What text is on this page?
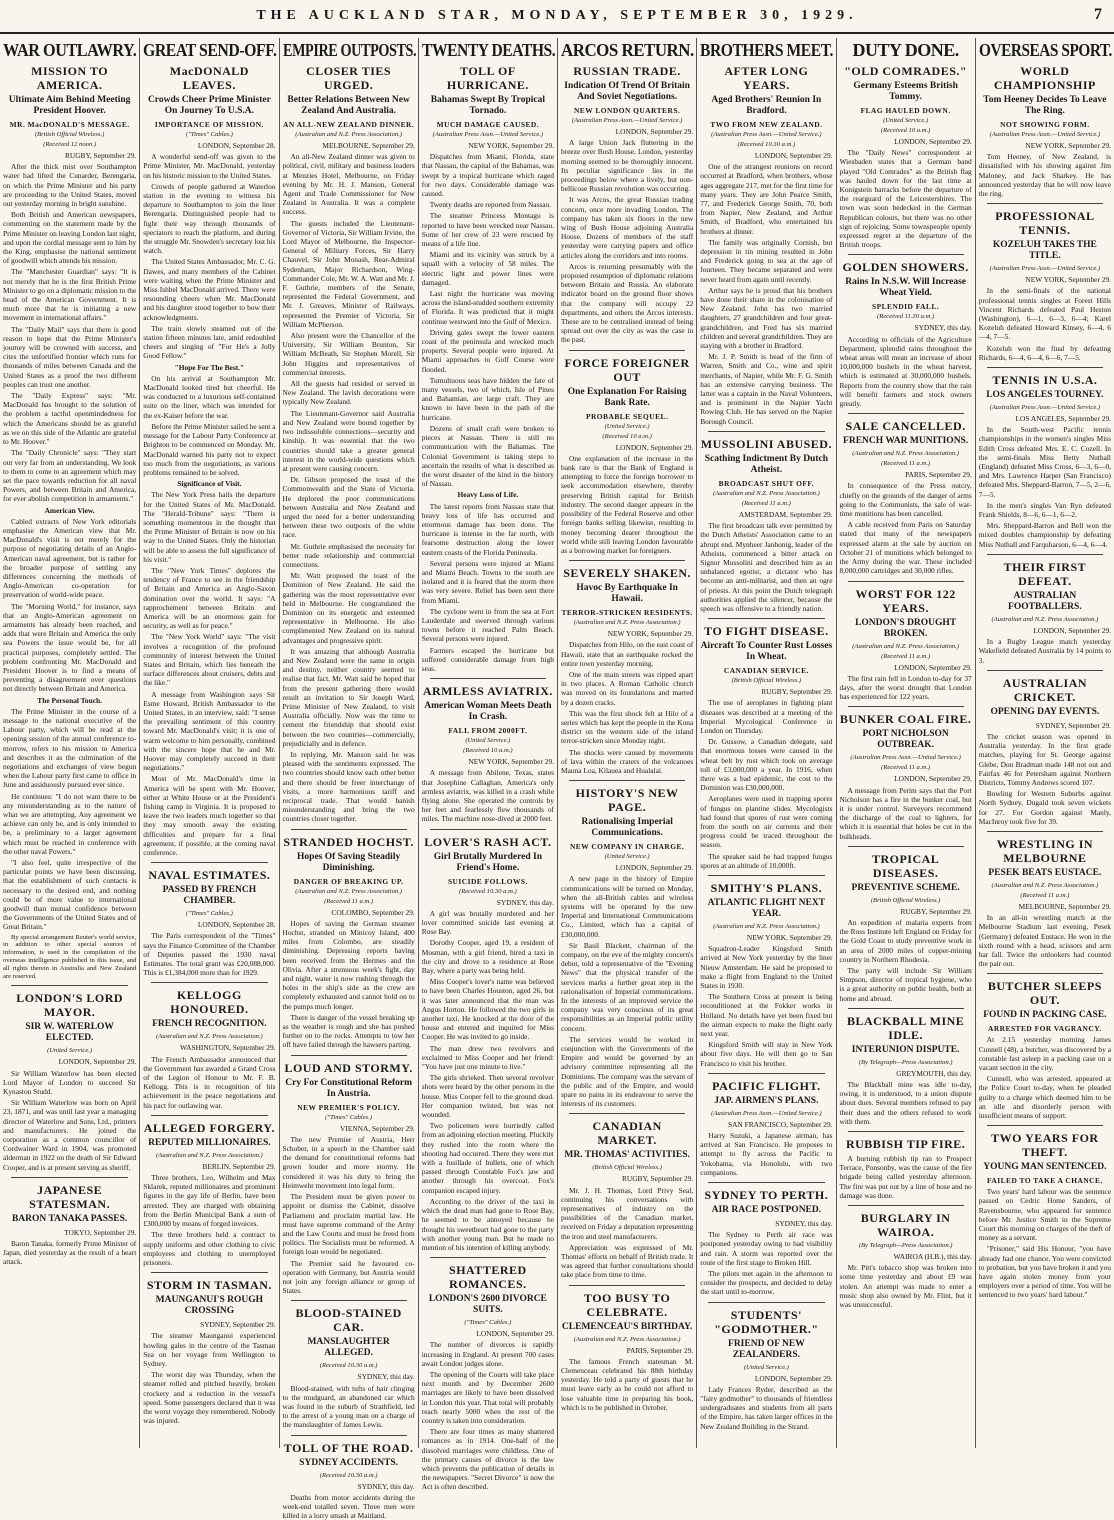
THE AUCKLAND STAR, MONDAY, SEPTEMBER 30, 1929.	7
WAR OUTLAWRY.
MISSION TO AMERICA.
Ultimate Aim Behind Meeting President Hoover.
MR. MacDONALD'S MESSAGE.
(British Official Wireless.)
(Received 12 noon.)

RUGBY, September 29.

After the thick mist over Southampton water had lifted the Cunarder, Berengaria, on which the Prime Minister and his party are proceeding to the United States, moved out yesterday morning in bright sunshine.

Both British and American newspapers, commenting on the statement made by the Prime Minister on leaving London last night, and upon the cordial message sent to him by the King, emphasise the national sentiment of goodwill which attends his mission.

The "Manchester Guardian" says: "It is not merely that he is the first British Prime Minister to go on a diplomatic mission to the head of the American Government. It is much more that he is initiating a new movement in international affairs."

The "Daily Mail" says that there is good reason to hope that the Prime Minister's journey will be crowned with success, and cites the unfortified frontier which runs for thousands of miles between Canada and the United States as a proof the two different peoples can trust one another.

The "Daily Express" says: "Mr. MacDonald has brought to the solution of the problem a tactful openmindedness for which the Americans should be as grateful as we on this side of the Atlantic are grateful to Mr. Hoover."

The "Daily Chronicle" says: "They start out very far from an understanding. We look to them to come to an agreement which may set the pace towards reduction for all naval Powers, and between Britain and America, for ever abolish competition in armaments."

American View.

Cabled extracts of New York editorials emphasise the American view that Mr. MacDonald's visit is not merely for the purpose of negotiating details of an Anglo-American naval agreement, but is rather for the broader purpose of settling any differences concerning the methods of Anglo-American co-operation for preservation of world-wide peace.

The "Morning World," for instance, says that an Anglo-American agreement on armaments has already been reached, and adds that were Britain and America the only sea Powers the issue would be, for all practical purposes, completely settled. The problem confronting Mr. MacDonald and President Hoover is to find a means of preventing a disagreement over questions not directly between Britain and America.

The Personal Touch.

The Prime Minister in the course of a message to the national executive of the Labour party, which will be read at the opening session of the annual conference to-morrow, refers to his mission to America and describes it as the culmination of the negotiations and exchanges of view begun when the Labour party first came to office in June and assiduously pursued ever since.

He continues: "I do not want there to be any misunderstanding as to the nature of what we are attempting. Any agreement we achieve can only be, and is only intended to be, a preliminary to a larger agreement which must be reached in conference with the other naval Powers."

"I also feel, quite irrespective of the particular points we have been discussing, that the establishment of such contacts is necessary to the desired end, and nothing could be of more value to international goodwill than mutual confidence between the Governments of the United States and of Great Britain."

By special arrangement Reuter's world service, in addition to other special sources of information, is used in the compilation of the overseas intelligence published in this issue, and all rights therein in Australia and New Zealand are reserved.

LONDON'S LORD MAYOR.
SIR W. WATERLOW ELECTED.
(United Service.)

LONDON, September 29.

Sir William Waterlow has been elected Lord Mayor of London to succeed Sir Kynaston Studd.

Sir William Waterlow was born on April 23, 1871, and was until last year a managing director of Waterlow and Sons, Ltd., printers and manufacturers. He joined the corporation as a common councillor of Cordwainer Ward in 1904, was promoted alderman in 1922 on the death of Sir Edward Cooper, and is at present serving as sheriff.

JAPANESE STATESMAN.
BARON TANAKA PASSES.

TOKYO, September 29.

Baron Tanaka, formerly Prime Minister of Japan, died yesterday as the result of a heart attack.

GREAT SEND-OFF.
MacDONALD LEAVES.
Crowds Cheer Prime Minister On Journey To U.S.A.
IMPORTANCE OF MISSION.
("Times" Cables.)

LONDON, September 28.

A wonderful send-off was given to the Prime Minister, Mr. MacDonald, yesterday on his historic mission to the United States.

Crowds of people gathered at Waterloo station in the evening to witness his departure to Southampton to join the liner Berengaria. Distinguished people had to fight their way through thousands of spectators to reach the platform, and during the struggle Mr. Snowden's secretary lost his watch.

The United States Ambassador, Mr. C. G. Dawes, and many members of the Cabinet were waiting when the Prime Minister and Miss Ishbel MacDonald arrived. There were resounding cheers when Mr. MacDonald and his daughter stood together to bow their acknowledgments.

The train slowly steamed out of the station fifteen minutes late, amid redoubled cheers and singing of "For He's a Jolly Good Fellow."

"Hope For The Best."

On his arrival at Southampton Mr. MacDonald looked tired but cheerful. He was conducted to a luxurious self-contained suite on the liner, which was intended for the ex-Kaiser before the war.

Before the Prime Minister sailed he sent a message for the Labour Party Conference at Brighton to be commenced on Monday. Mr. MacDonald warned his party not to expect too much from the negotiations, as various problems remained to be solved.

Significance of Visit.

The New York Press hails the departure for the United States of Mr. MacDonald. The "Herald-Tribune" says: "There is something momentous in the thought that the Prime Minister of Britain is now on his way to the United States. Only the historian will be able to assess the full significance of his visit."

The "New York Times" deplores the tendency of France to see in the friendship of Britain and America an Anglo-Saxon domination over the world. It says: "A rapprochement between Britain and America will be an enormous gain for security, as well as for peace."

The "New York World" says: "The visit involves a recognition of the profound community of interest between the United States and Britain, which lies beneath the surface differences about cruisers, debts and the like."

A message from Washington says Sir Esme Howard, British Ambassador to the United States, in an interview, said: "I sense the prevailing sentiment of this country toward Mr. MacDonald's visit; it is one of warm welcome to him personally, combined with the sincere hope that he and Mr. Hoover may completely succeed in their negotiations."

Most of Mr. MacDonald's time in America will be spent with Mr. Hoover, either at White House or at the President's fishing camp in Virginia. It is proposed to leave the two leaders much together so that they may smooth away the existing difficulties and prepare for a final agreement, if possible, at the coming naval conference.

NAVAL ESTIMATES.
PASSED BY FRENCH CHAMBER.
("Times" Cables.)

LONDON, September 28.

The Paris correspondent of the "Times" says the Finance Committee of the Chamber of Deputies passed the 1930 naval Estimates. The total grant was £20,088,000. This is £1,384,000 more than for 1929.

KELLOGG HONOURED.
FRENCH RECOGNITION.
(Australian and N.Z. Press Association.)

WASHINGTON, September 29.

The French Ambassador announced that the Government has awarded a Grand Cross of the Legion of Honour to Mr. F. B. Kellogg. This is in recognition of his achievement in the peace negotiations and his pact for outlawing war.

ALLEGED FORGERY.
REPUTED MILLIONAIRES.
(Australian and N.Z. Press Association.)

BERLIN, September 29.

Three brothers, Leo, Wilhelm and Max Sklarek, reputed millionaires and prominent figures in the gay life of Berlin, have been arrested. They are charged with obtaining from the Berlin Municipal Bank a sum of £300,000 by means of forged invoices.

The three brothers held a contract to supply uniforms and other clothing to civic employees and clothing to unemployed prisoners.

STORM IN TASMAN.
MAUNGANUI'S ROUGH CROSSING

SYDNEY, September 29.

The steamer Maunganui experienced howling gales in the centre of the Tasman Sea on her voyage from Wellington to Sydney.

The worst day was Thursday, when the steamer rolled and pitched heavily, broken crockery and a reduction in the vessel's speed. Some passengers declared that it was the worst voyage they remembered. Nobody was injured.

EMPIRE OUTPOSTS.
CLOSER TIES URGED.
Better Relations Between New Zealand And Australia.
AN ALL-NEW ZEALAND DINNER.
(Australian and N.Z. Press Association.)

MELBOURNE, September 29.

An all-New Zealand dinner was given to political, civil, military and business leaders at Menzies Hotel, Melbourne, on Friday evening by Mr. H. J. Manson, General Agent and Trade Commissioner for New Zealand in Australia. It was a complete success.

The guests included the Lieutenant-Governor of Victoria, Sir William Irvine, the Lord Mayor of Melbourne, the Inspector-General of Military Forces, Sir Harry Chauvel, Sir John Monash, Rear-Admiral Sydenham, Major Richardson, Wing-Commander Cole, Mr. W. A. Watt and Mr. J. F. Guthrie, members of the Senate, represented the Federal Government, and Mr. J. Greaves, Minister of Railways, represented the Premier of Victoria, Sir William McPherson.

Also present were the Chancellor of the University, Sir William Brunton, Sir William McBeath, Sir Stephen Morell, Sir John Higgins and representatives of commercial interests.

All the guests had resided or served in New Zealand. The lavish decorations were typically New Zealand.

The Lieutenant-Governor said Australia and New Zealand were bound together by two indissoluble connections—security and kinship. It was essential that the two countries should take a greater general interest in the world-wide questions which at present were causing concern.

Dr. Gibson proposed the toast of the Commonwealth and the State of Victoria. He deplored the poor communications between Australia and New Zealand and urged the need for a better understanding between these two outposts of the white race.

Mr. Guthrie emphasised the necessity for better trade relationship and commercial connections.

Mr. Watt proposed the toast of the Dominion of New Zealand. He said the gathering was the most representative ever held in Melbourne. He congratulated the Dominion on its energetic and esteemed representative in Melbourne. He also complimented New Zealand on its natural advantages and progressive spirit.

It was amazing that although Australia and New Zealand were the same in origin and destiny, neither country seemed to realise that fact. Mr. Watt said he hoped that from the present gathering there would result an invitation to Sir Joseph Ward, Prime Minister of New Zealand, to visit Australia officially. Now was the time to cement the friendship that should exist between the two countries—commercially, prejudicially and in defence.

In replying, Mr. Manson said he was pleased with the sentiments expressed. The two countries should know each other better and there should be freer interchange of visits, a more harmonious tariff and reciprocal trade. That would banish misunderstanding and bring the two countries closer together.

STRANDED HOCHST.
Hopes Of Saving Steadily Diminishing.
DANGER OF BREAKING UP.
(Australian and N.Z. Press Association.)
(Received 11 a.m.)

COLOMBO, September 29.

Hopes of saving the German steamer Hochst, stranded on Minicoy Island, 400 miles from Colombo, are steadily diminishing. Depressing reports having been received from the Hermes and the Olivia. After a strenuous week's fight, day and night, water is now rushing through the holes in the ship's side as the crew are completely exhausted and cannot hold on to the pumps much longer.

There is danger of the vessel breaking up as the weather is rough and she has pushed further on to the rocks. Attempts to tow her off have failed through the hawsers parting.

LOUD AND STORMY.
Cry For Constitutional Reform In Austria.
NEW PREMIER'S POLICY.
("Times" Cables.)

VIENNA, September 29.

The new Premier of Austria, Herr Schober, in a speech in the Chamber said the demand for constitutional reforms had grown louder and more stormy. He considered it was his duty to bring the Heimwehr movement into legal form.

The President must be given power to appoint or dismiss the Cabinet, dissolve Parliament and proclaim martial law. He must have supreme command of the Army and the Law Courts and must be freed from politics. The Socialists must be reformed. A foreign loan would be negotiated.

The Premier said he favoured co-operation with Germany, but Austria would not join any foreign alliance or group of States.

BLOOD-STAINED CAR.
MANSLAUGHTER ALLEGED.
(Received 10.30 a.m.)

SYDNEY, this day.

Blood-stained, with tufts of hair clinging to the mudguard, an abandoned car which was found in the suburb of Strathfield, led to the arrest of a young man on a charge of the manslaughter of James Lewis.

TOLL OF THE ROAD.
SYDNEY ACCIDENTS.
(Received 10.30 a.m.)

SYDNEY, this day.

Deaths from motor accidents during the week-end totalled seven. Three men were killed in a lorry smash at Maitland.

TWENTY DEATHS.
TOLL OF HURRICANE.
Bahamas Swept By Tropical Tornado.
MUCH DAMAGE CAUSED.
(Australian Press Assn.—United Service.)

NEW YORK, September 29.

Dispatches from Miami, Florida, state that Nassau, the capital of the Bahamas, was swept by a tropical hurricane which raged for two days. Considerable damage was caused.

Twenty deaths are reported from Nassau.

The steamer Princess Montagu is reported to have been wrecked near Nassau. Some of her crew of 23 were rescued by means of a life line.

Miami and its vicinity was struck by a squall with a velocity of 58 miles. The electric light and power lines were damaged.

Last night the hurricane was moving across the island-studded southern extremity of Florida. It was predicted that it might continue westward into the Gulf of Mexico.

Driving gales swept the lower eastern coast of the peninsula and wrecked much property. Several people were injured. At Miami approaches to Golf Course were flooded.

Tumultuous seas have hidden the fate of many vessels, two of which, Isle of Pines and Bahamian, are large craft. They are known to have been in the path of the hurricane.

Dozens of small craft were broken to pieces at Nassau. There is still no communication with the Bahamas. The Colonial Government is taking steps to ascertain the results of what is described as the worst disaster of the kind in the history of Nassau.

Heavy Loss of Life.

The latest reports from Nassau state that heavy loss of life has occurred and enormous damage has been done. The hurricane is intense in the far north, with fearsome destruction along the lower eastern coasts of the Florida Peninsula.

Several persons were injured at Miami and Miami Beach. Towns to the south are isolated and it is feared that the storm there was very severe. Relief has been sent there from Miami.

The cyclone went in from the sea at Fort Lauderdale and swerved through various towns before it reached Palm Beach. Several persons were injured.

Farmers escaped the hurricane but suffered considerable damage from high seas.

ARMLESS AVIATRIX.
American Woman Meets Death In Crash.
FALL FROM 2000FT.
(United Service.)
(Received 10 a.m.)

NEW YORK, September 29.

A message from Abilene, Texas, states that Josephine Callaghan, America's only armless aviatrix, was killed in a crash while flying alone. She operated the controls by her feet and fearlessly flew thousands of miles. The machine nose-dived at 2000 feet.

LOVER'S RASH ACT.
Girl Brutally Murdered In Friend's Home.
SUICIDE FOLLOWS.
(Received 10.30 a.m.)

SYDNEY, this day.

A girl was brutally murdered and her lover committed suicide last evening at Rose Bay.

Dorothy Cooper, aged 19, a resident of Mosman, with a girl friend, hired a taxi in the city and drove to a residence at Rose Bay, where a party was being held.

Miss Cooper's lover's name was believed to have been Charles Houston, aged 26, but it was later announced that the man was Angus Horton. He followed the two girls in another taxi. He knocked at the door of the house and entered and inquired for Miss Cooper. He was invited to go inside.

The man drew two revolvers and exclaimed to Miss Cooper and her friend: "You have just one minute to live."

The girls shrieked. Then several revolver shots were heard by the other persons in the house. Miss Cooper fell to the ground dead. Her companion twisted, but was not wounded.

Two policemen were hurriedly called from an adjoining election meeting. Pluckily they rushed into the room where the shooting had occurred. There they were met with a fusillade of bullets, one of which passed through Constable Fox's jaw and another through his overcoat. Fox's companion escaped injury.

According to the driver of the taxi in which the dead man had gone to Rose Bay, he seemed to be annoyed because he thought his sweetheart had gone to the party with another young man. But he made no mention of his intention of killing anybody.

SHATTERED ROMANCES.
LONDON'S 2600 DIVORCE SUITS.
("Times" Cables.)

LONDON, September 29.

The number of divorces is rapidly increasing in England. At present 700 cases await London judges alone.

The opening of the Courts will take place next month and by December 2600 marriages are likely to have been dissolved in London this year. That total will probably reach nearly 5000 when the rest of the country is taken into consideration.

There are four times as many shattered romances as in 1914. One-half of the dissolved marriages were childless. One of the primary causes of divorce is the law which prevents the publication of details in the newspapers. "Secret Divorce" is now the Act is often described.

ARCOS RETURN.
RUSSIAN TRADE.
Indication Of Trend Of Britain And Soviet Negotiations.
NEW LONDON QUARTERS.
(Australian Press Assn.—United Service.)

LONDON, September 29.

A large Union Jack fluttering in the breeze over Bush House, London, yesterday morning seemed to be thoroughly innocent. Its peculiar significance lies in the proceedings below where a lively, but non-bellicose Russian revolution was occurring.

It was Arcos, the great Russian trading concern, once more invading London. The company has taken six floors in the new wing of Bush House adjoining Australia House. Dozens of members of the staff yesterday were carrying papers and office articles along the corridors and into rooms.

Arcos is returning presumably with the proposed resumption of diplomatic relations between Britain and Russia. An elaborate indicator board on the ground floor shows that the company will occupy 22 departments, and others the Arcos interests. These are to be centralised instead of being spread out over the city as was the case in the past.

FORCE FOREIGNER OUT
One Explanation For Raising Bank Rate.
PROBABLE SEQUEL.
(United Service.)
(Received 10 a.m.)

LONDON, September 29.

One explanation of the increase in the bank rate is that the Bank of England is attempting to force the foreign borrower to seek accommodation elsewhere, thereby preserving British capital for British industry. The second danger appears in the possibility of the Federal Reserve and other foreign banks selling likewise, resulting in money becoming dearer throughout the world while still leaving London favourable as a borrowing market for foreigners.

SEVERELY SHAKEN.
Havoc By Earthquake In Hawaii.
TERROR-STRICKEN RESIDENTS.
(Australian and N.Z. Press Association.)

NEW YORK, September 29.

Dispatches from Hilo, on the east coast of Hawaii, state that an earthquake rocked the entire town yesterday morning.

One of the main streets was ripped apart in two places. A Roman Catholic church was moved on its foundations and marred by a dozen cracks.

This was the first shock felt at Hilo of a series which has kept the people in the Kona district on the western side of the island terror-stricken since Monday night.

The shocks were caused by movements of lava within the craters of the volcanoes Mauna Loa, Kilauea and Hualalai.

HISTORY'S NEW PAGE.
Rationalising Imperial Communications.
NEW COMPANY IN CHARGE.
(United Service.)

LONDON, September 29.

A new page in the history of Empire communications will be turned on Monday, when the all-British cables and wireless systems will be operated by the new Imperial and International Communications Co., Limited, which has a capital of £30,000,000.

Sir Basil Blackett, chairman of the company, on the eve of the mighty concern's debut, told a representative of the "Evening News" that the physical transfer of the services marks a further great step in the rationalisation of Imperial communications. In the interests of an improved service the company was very conscious of its great responsibilities as an Imperial public utility concern.

The services would be worked in conjunction with the Governments of the Empire and would be governed by an advisory committee representing all the Dominions. The company was the servant of the public and of the Empire, and would spare no pains in its endeavour to serve the interests of its customers.

CANADIAN MARKET.
MR. THOMAS' ACTIVITIES.
(British Official Wireless.)

RUGBY, September 29.

Mr. J. H. Thomas, Lord Privy Seal, continuing his conversations with representatives of industry on the possibilities of the Canadian market, received on Friday a deputation representing the iron and steel manufacturers.

Appreciation was expressed of Mr. Thomas' efforts on behalf of British trade. It was agreed that further consultations should take place from time to time.

TOO BUSY TO CELEBRATE.
CLEMENCEAU'S BIRTHDAY.
(Australian and N.Z. Press Association.)

PARIS, September 29.

The famous French statesman M. Clemenceau celebrated his 88th birthday yesterday. He told a party of guests that he must leave early as he could not afford to lose valuable time in preparing his book, which is to be published in October.

BROTHERS MEET.
AFTER LONG YEARS.
Aged Brothers' Reunion In Bradford.
TWO FROM NEW ZEALAND.
(Australian Press Assn.—United Service.)
(Received 10.30 a.m.)

LONDON, September 29.

One of the strangest reunions on record occurred at Bradford, when brothers, whose ages aggregate 217, met for the first time for many years. They are John Pearce Smith, 77, and Frederick George Smith, 70, both from Napier, New Zealand, and Arthur Smith, of Bradford, who entertained his brothers at dinner.

The family was originally Cornish, but depression in tin mining resulted in John and Frederick going to sea at the age of fourteen. They became separated and were never heard from again until recently.

Arthur says he is proud that his brothers have done their share in the colonisation of New Zealand. John has two married daughters, 27 grandchildren and four great-grandchildren, and Fred has six married children and several grandchildren. They are staying with a brother in Bradford.

Mr. J. P. Smith is head of the firm of Warren, Smith and Co., wine and spirit merchants, of Napier, while Mr. F. G. Smith has an extensive carrying business. The latter was a captain in the Naval Volunteers, and is prominent in the Napier Yacht Rowing Club. He has served on the Napier Borough Council.

MUSSOLINI ABUSED.
Scathing Indictment By Dutch Atheist.
BROADCAST SHUT OFF.
(Australian and N.Z. Press Association.)
(Received 11 a.m.)

AMSTERDAM, September 29.

The first broadcast talk ever permitted by the Dutch Atheists' Association came to an abrupt end. Mynheer Janhonig, leader of the Atheists, commenced a bitter attack on Signor Mussolini and described him as an unbalanced egotist, a dictator who has become an anti-militarist, and then an ogre of priests. At this point the Dutch telegraph authorities applied the silencer, because the speech was offensive to a friendly nation.

TO FIGHT DISEASE.
Aircraft To Counter Rust Losses In Wheat.
CANADIAN SERVICE.
(British Official Wireless.)

RUGBY, September 29.

The use of aeroplanes in fighting plant diseases was described at a meeting of the Imperial Mycological Conference in London on Thursday.

Dr. Gussow, a Canadian delegate, said that enormous losses were caused in the wheat belt by rust which took on average toll of £3,000,000 a year. In 1916, when there was a bad epidemic, the cost to the Dominion was £30,000,000.

Aeroplanes were used in trapping spores of fungus on plantine slides. Mycologists had found that spores of rust were coming from the south on air currents and their progress could be traced throughout the season.

The speaker said he had trapped fungus spores at an altitude of 10,000ft.

SMITHY'S PLANS.
ATLANTIC FLIGHT NEXT YEAR.
(Australian and N.Z. Press Association.)

NEW YORK, September 29.

Squadron-Leader Kingsford Smith arrived at New York yesterday by the liner Nieuw Amsterdam. He said he proposed to make a flight from England to the United States in 1930.

The Southern Cross at present is being reconditioned at the Fokker works in Holland. No details have yet been fixed but the airman expects to make the flight early next year.

Kingsford Smith will stay in New York about five days. He will then go to San Francisco to visit his brother.

PACIFIC FLIGHT.
JAP. AIRMEN'S PLANS.
(Australian Press Assn.—United Service.)

SAN FRANCISCO, September 29.

Harry Suzuki, a Japanese airman, has arrived at San Francisco. He proposes to attempt to fly across the Pacific to Yokohama, via Honolulu, with two companions.

SYDNEY TO PERTH.
AIR RACE POSTPONED.

SYDNEY, this day.

The Sydney to Perth air race was postponed yesterday owing to bad visibility and rain. A storm was reported over the route of the first stage to Broken Hill.

The pilots met again in the afternoon to consider the prospects, and decided to delay the start until to-morrow.

STUDENTS' "GODMOTHER."
FRIEND OF NEW ZEALANDERS.
(United Service.)

LONDON, September 29.

Lady Frances Ryder, described as the "fairy godmother" to thousands of friendless undergraduates and students from all parts of the Empire, has taken larger offices in the New Zealand Building in the Strand.

DUTY DONE.
"OLD COMRADES."
Germany Esteems British Tommy.
FLAG HAULED DOWN.
(United Service.)
(Received 10 a.m.)

LONDON, September 29.

The "Daily News" correspondent at Wiesbaden states that a German band played "Old Comrades" as the British flag was hauled down for the last time at Konigstein barracks before the departure of the rearguard of the Leicestershires. The town was soon bedecked in the German Republican colours, but there was no other sign of rejoicing. Some townspeople openly expressed regret at the departure of the British troops.

GOLDEN SHOWERS.
Rains In N.S.W. Will Increase Wheat Yield.
SPLENDID FALL.
(Received 11.30 a.m.)

SYDNEY, this day.

According to officials of the Agriculture Department, splendid rains throughout the wheat areas will mean an increase of about 10,000,000 bushels in the wheat harvest, which is estimated at 30,000,000 bushels. Reports from the country show that the rain will benefit farmers and stock owners greatly.

SALE CANCELLED.
FRENCH WAR MUNITIONS.
(Australian and N.Z. Press Association.)
(Received 11 a.m.)

PARIS, September 29.

In consequence of the Press outcry, chiefly on the grounds of the danger of arms going to the Communists, the sale of war-time munitions has been cancelled.

A cable received from Paris on Saturday stated that many of the newspapers expressed alarm at the sale by auction on October 21 of munitions which belonged to the Army during the war. These included 8,000,000 cartridges and 30,000 rifles.

WORST FOR 122 YEARS.
LONDON'S DROUGHT BROKEN.
(Australian and N.Z. Press Association.)
(Received 11 a.m.)

LONDON, September 29.

The first rain fell in London to-day for 37 days, after the worst drought that London has experienced for 122 years.

BUNKER COAL FIRE.
PORT NICHOLSON OUTBREAK.
(Australian Press Assn.—United Service.)
(Received 11 a.m.)

LONDON, September 29.

A message from Perim says that the Port Nicholson has a fire in the bunker coal, but it is under control. Surveyors recommend the discharge of the coal to lighters, for which it is essential that holes be cut in the bulkheads.

TROPICAL DISEASES.
PREVENTIVE SCHEME.
(British Official Wireless.)

RUGBY, September 29.

An expedition of malaria experts from the Ross Institute left England on Friday for the Gold Coast to study preventive work in an area of 2000 miles of copper-mining country in Northern Rhodesia.

The party will include Sir William Simpson, director of tropical hygiene, who is a great authority on public health, both at home and abroad.

BLACKBALL MINE IDLE.
INTERUNION DISPUTE.
(By Telegraph—Press Association.)

GREYMOUTH, this day.

The Blackball mine was idle to-day, owing, it is understood, to a union dispute about dues. Several members refused to pay their dues and the others refused to work with them.

RUBBISH TIP FIRE.

A burning rubbish tip ran to Prospect Terrace, Ponsonby, was the cause of the fire brigade being called yesterday afternoon. The fire was put out by a line of hose and no damage was done.

BURGLARY IN WAIROA.
(By Telegraph—Press Association.)

WAIROA (H.B.), this day.

Mr. Pitt's tobacco shop was broken into some time yesterday and about £9 was stolen. An attempt was made to enter a music shop also owned by Mr. Flint, but it was unsuccessful.

OVERSEAS SPORT.
WORLD CHAMPIONSHIP
Tom Heeney Decides To Leave The Ring.
NOT SHOWING FORM.
(Australian Press Assn.—United Service.)

NEW YORK, September 29.

Tom Heeney, of New Zealand, is dissatisfied with his showing against Jim Maloney, and Jack Sharkey. He has announced yesterday that he will now leave the ring.

PROFESSIONAL TENNIS.
KOZELUH TAKES THE TITLE.
(Australian Press Assn.—United Service.)

NEW YORK, September 29.

In the semi-finals of the national professional tennis singles at Forest Hills Vincent Richards defeated Paul Heston (Washington), 6—1, 6—3, 6—4; Karel Kozeluh defeated Howard Kinsey, 6—4, 6—4, 7—5.

Kozeluh won the final by defeating Richards, 6—4, 6—4, 6—6, 7—5.

TENNIS IN U.S.A.
LOS ANGELES TOURNEY.
(Australian Press Assn.—United Service.)

LOS ANGELES, September 29.

In the South-west Pacific tennis championships in the women's singles Miss Edith Cross defeated Mrs. E. C. Cozell. In the semi-finals Miss Betty Nuthall (England) defeated Miss Cross, 6—3, 6—0, and Mrs. Lawrence Harper (San Francisco) defeated Mrs. Sheppard-Barron, 7—5, 2—6, 7—5.

In the men's singles Van Ryn defeated Frank Shields, 8—6, 6—1, 6—2.

Mrs. Sheppard-Barron and Bell won the mixed doubles championship by defeating Miss Nuthall and Farquharson, 6—4, 6—4.

THEIR FIRST DEFEAT.
AUSTRALIAN FOOTBALLERS.
(Australian and N.Z. Press Association.)

LONDON, September 29.

In a Rugby League match yesterday Wakefield defeated Australia by 14 points to 3.

AUSTRALIAN CRICKET.
OPENING DAY EVENTS.

SYDNEY, September 29.

The cricket season was opened in Australia yesterday. In the first grade matches, playing for St. George against Glebe, Don Bradman made 148 not out and Fairfax 46 for Petersham against Northern Districts, Tommy Andrews scored 107.

Bowling for Western Suburbs against North Sydney, Dugald took seven wickets for 27. For Gordon against Manly, MacInroy took five for 39.

WRESTLING IN MELBOURNE
PESEK BEATS EUSTACE.
(Australian and N.Z. Press Association.)
(Received 11 a.m.)

MELBOURNE, September 29.

In an all-in wrestling match at the Melbourne Stadium last evening, Pesek (Germany) defeated Eustace. He won in the sixth round with a head, scissors and arm bar fall. Twice the onlookers had counted the pair out.

BUTCHER SLEEPS OUT.
FOUND IN PACKING CASE.
ARRESTED FOR VAGRANCY.

At 2.15 yesterday morning James Cunnell (48), a butcher, was discovered by a constable fast asleep in a packing case on a vacant section in the city.

Cunnell, who was arrested, appeared at the Police Court to-day, when he pleaded guilty to a charge which deemed him to be an idle and disorderly person with insufficient means of support.

TWO YEARS FOR THEFT.
YOUNG MAN SENTENCED.
FAILED TO TAKE A CHANCE.

Two years' hard labour was the sentence passed on Cedric Home Sanders, of Ravensbourne, who appeared for sentence before Mr. Justice Smith in the Supreme Court this morning on charges of the theft of money as a servant.

"Prisoner," said His Honour, "you have already had one chance. You were convicted to probation, but you have broken it and you have again stolen money from your employers over a period of time. You will be sentenced to two years' hard labour."
